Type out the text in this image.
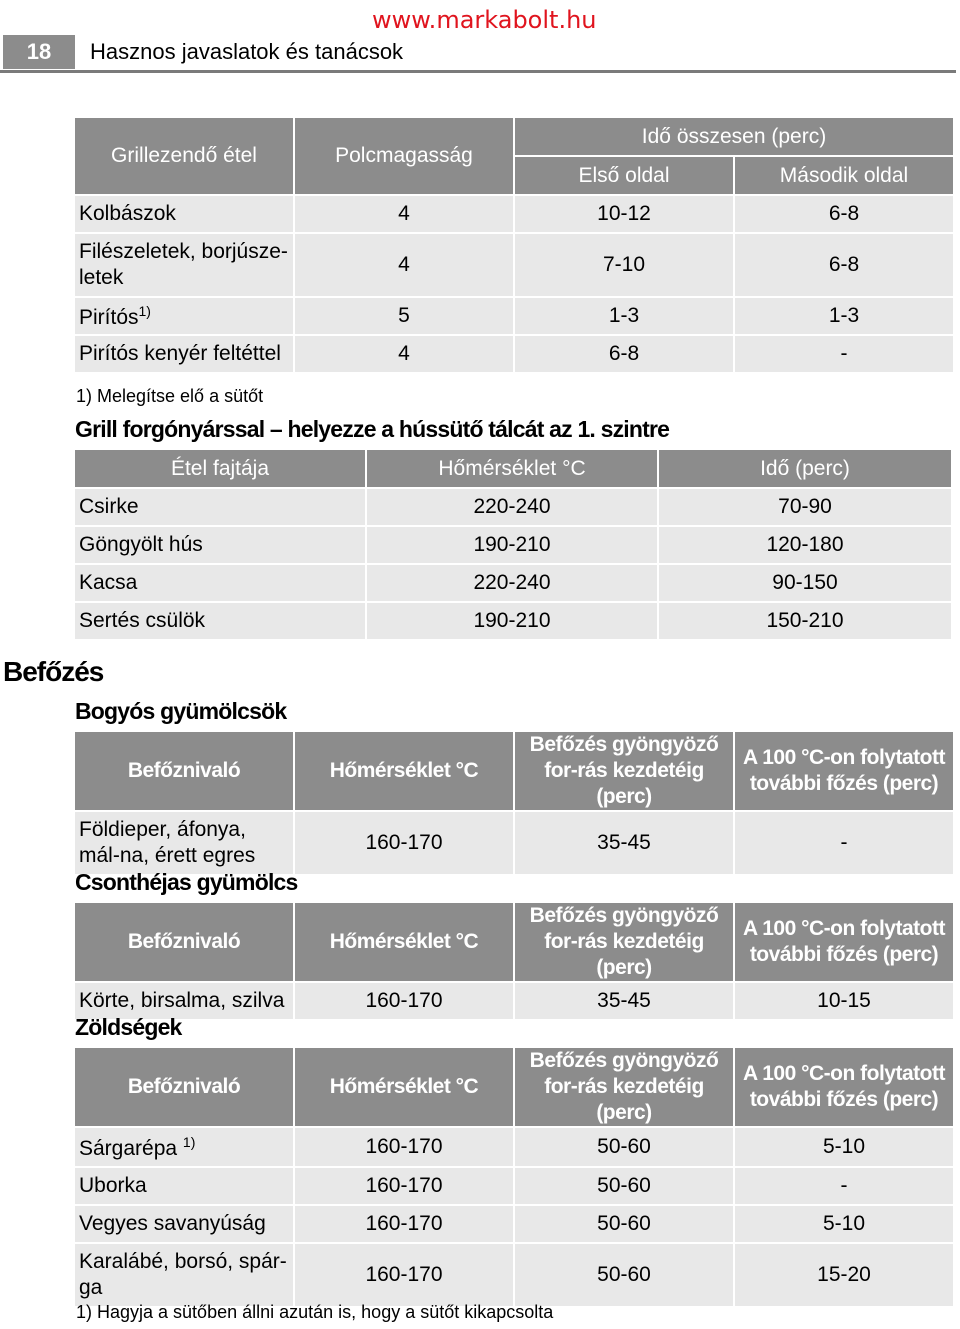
www.markabolt.hu
18	Hasznos javaslatok és tanácsok
Grillezendő étel	Polcmagasság	Idő összesen (perc)	
		Első oldal	Második oldal
Kolbászok	4	10-12	6-8
Filészeletek, borjúsze-letek	4	7-10	6-8
Pirítós$^{1)}$	5	1-3	1-3
Pirítós kenyér feltéttel	4	6-8	-
1) Melegítse elő a sütőt
Grill forgónyárssal – helyezze a hússütő tálcát az 1. szintre
Étel fajtája	Hőmérséklet °C	Idő (perc)
Csirke	220-240	70-90
Göngyölt hús	190-210	120-180
Kacsa	220-240	90-150
Sertés csülök	190-210	150-210
Befőzés
Bogyós gyümölcsök
Befőznivaló	Hőmérséklet °C	Befőzés gyöngyöző for-rás kezdetéig (perc)	A 100 °C-on folytatott további főzés (perc)
Földieper, áfonya, mál-na, érett egres	160-170	35-45	-
Csonthéjas gyümölcs
Befőznivaló	Hőmérséklet °C	Befőzés gyöngyöző for-rás kezdetéig (perc)	A 100 °C-on folytatott további főzés (perc)
Körte, birsalma, szilva	160-170	35-45	10-15
Zöldségek
Befőznivaló	Hőmérséklet °C	Befőzés gyöngyöző for-rás kezdetéig (perc)	A 100 °C-on folytatott további főzés (perc)
Sárgarépa $^{1)}$	160-170	50-60	5-10
Uborka	160-170	50-60	-
Vegyes savanyúság	160-170	50-60	5-10
Karalábé, borsó, spár-ga	160-170	50-60	15-20
1) Hagyja a sütőben állni azután is, hogy a sütőt kikapcsolta
